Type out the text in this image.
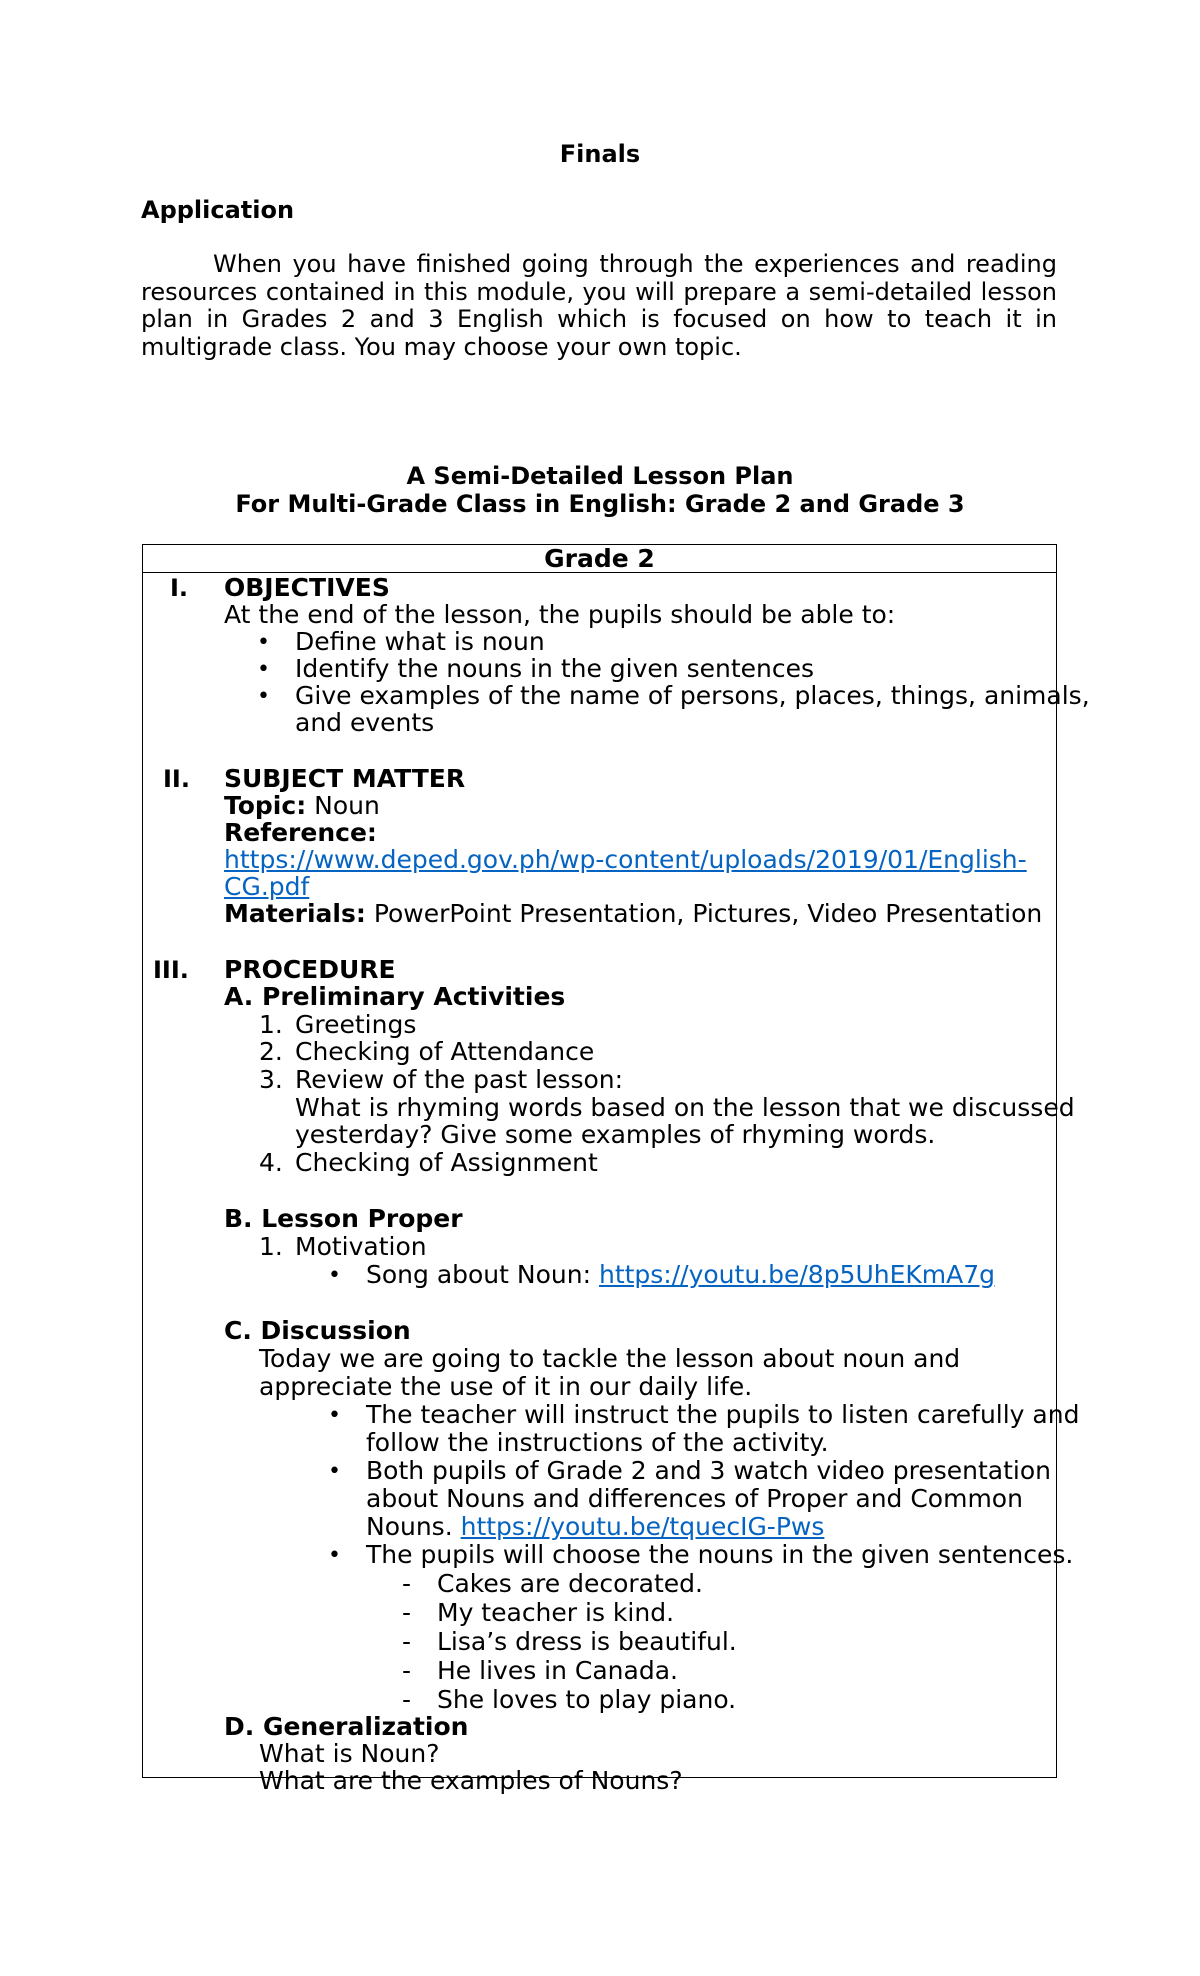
Finals
Application
When you have finished going through the experiences and reading
resources contained in this module, you will prepare a semi-detailed lesson
plan in Grades 2 and 3 English which is focused on how to teach it in
multigrade class. You may choose your own topic.
A Semi-Detailed Lesson Plan
For Multi-Grade Class in English: Grade 2 and Grade 3
Grade 2
I. OBJECTIVES
At the end of the lesson, the pupils should be able to:
• Define what is noun
• Identify the nouns in the given sentences
• Give examples of the name of persons, places, things, animals,
and events
II. SUBJECT MATTER
Topic: Noun
Reference:
https://www.deped.gov.ph/wp-content/uploads/2019/01/English-
CG.pdf
Materials: PowerPoint Presentation, Pictures, Video Presentation
III. PROCEDURE
A. Preliminary Activities
1. Greetings
2. Checking of Attendance
3. Review of the past lesson:
What is rhyming words based on the lesson that we discussed
yesterday? Give some examples of rhyming words.
4. Checking of Assignment
B. Lesson Proper
1. Motivation
• Song about Noun: https://youtu.be/8p5UhEKmA7g
C. Discussion
Today we are going to tackle the lesson about noun and
appreciate the use of it in our daily life.
• The teacher will instruct the pupils to listen carefully and
follow the instructions of the activity.
• Both pupils of Grade 2 and 3 watch video presentation
about Nouns and differences of Proper and Common
Nouns. https://youtu.be/tquecIG-Pws
• The pupils will choose the nouns in the given sentences.
- Cakes are decorated.
- My teacher is kind.
- Lisa’s dress is beautiful.
- He lives in Canada.
- She loves to play piano.
D. Generalization
What is Noun?
What are the examples of Nouns?
